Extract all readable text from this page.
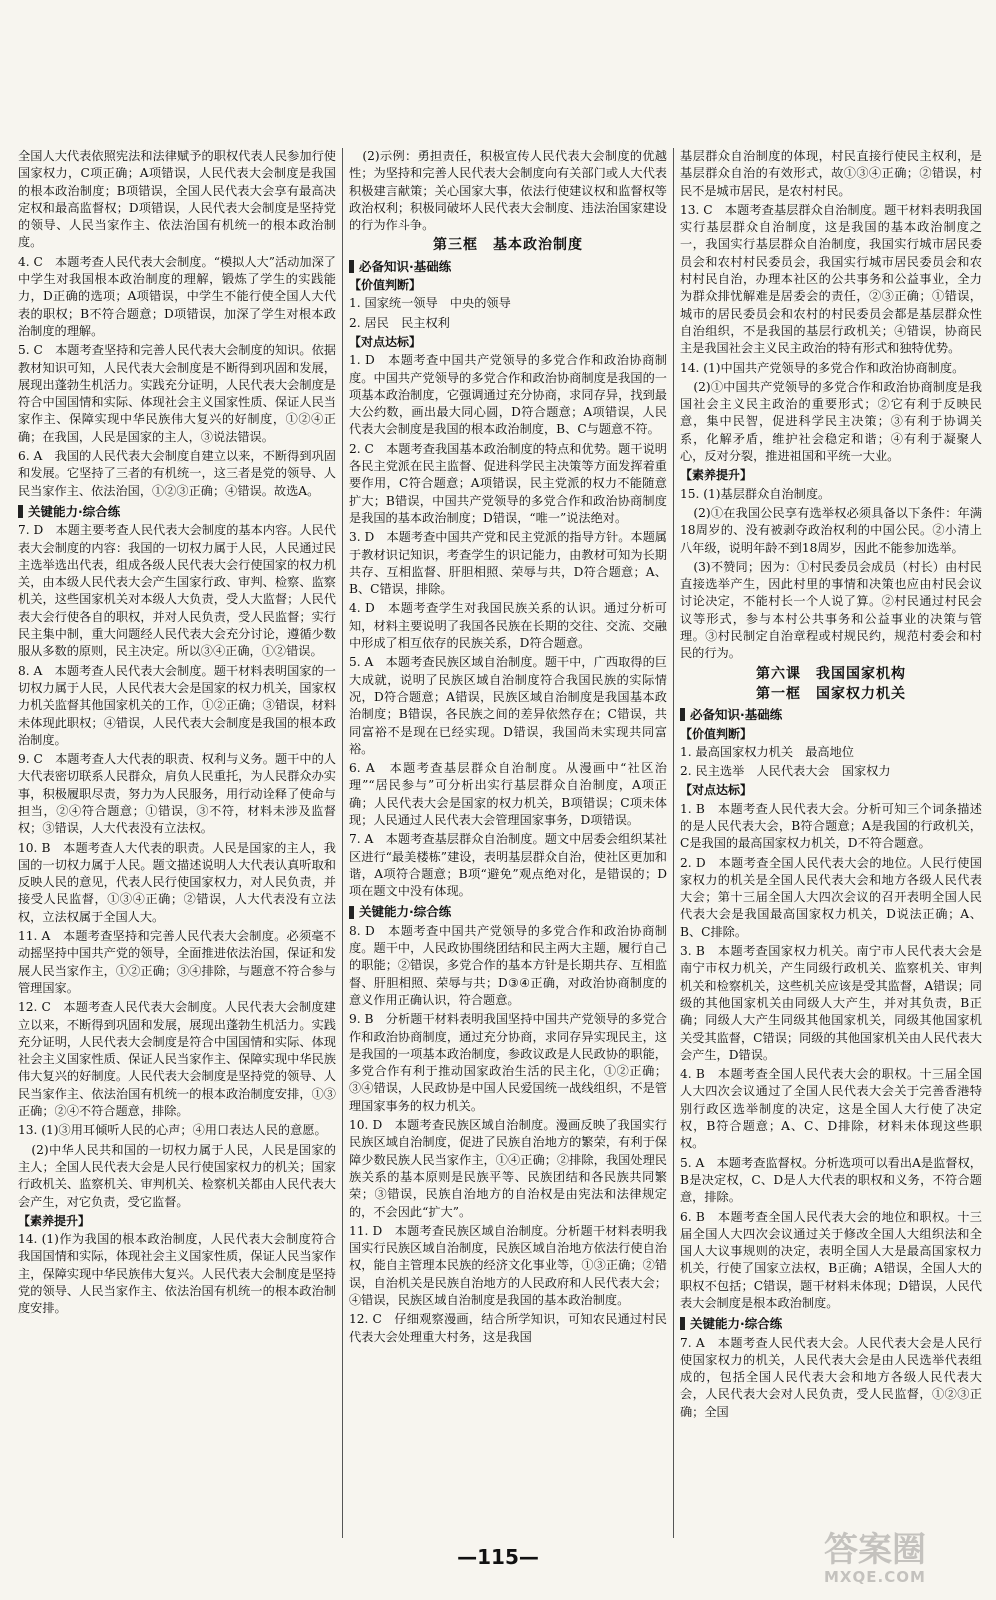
全国人大代表依照宪法和法律赋予的职权代表人民参加行使国家权力，C项正确；A项错误，人民代表大会制度是我国的根本政治制度；B项错误，全国人民代表大会享有最高决定权和最高监督权；D项错误，人民代表大会制度是坚持党的领导、人民当家作主、依法治国有机统一的根本政治制度。

4. C　本题考查人民代表大会制度。“模拟人大”活动加深了中学生对我国根本政治制度的理解，锻炼了学生的实践能力，D正确的选项；A项错误，中学生不能行使全国人大代表的职权；B不符合题意；D项错误，加深了学生对根本政治制度的理解。

5. C　本题考查坚持和完善人民代表大会制度的知识。依据教材知识可知，人民代表大会制度是不断得到巩固和发展，展现出蓬勃生机活力。实践充分证明，人民代表大会制度是符合中国国情和实际、体现社会主义国家性质、保证人民当家作主、保障实现中华民族伟大复兴的好制度，①②④正确；在我国，人民是国家的主人，③说法错误。

6. A　我国的人民代表大会制度自建立以来，不断得到巩固和发展。它坚持了三者的有机统一，这三者是党的领导、人民当家作主、依法治国，①②③正确；④错误。故选A。

关键能力·综合练

7. D　本题主要考查人民代表大会制度的基本内容。人民代表大会制度的内容：我国的一切权力属于人民，人民通过民主选举选出代表，组成各级人民代表大会行使国家的权力机关，由本级人民代表大会产生国家行政、审判、检察、监察机关，这些国家机关对本级人大负责，受人大监督；人民代表大会行使各自的职权，并对人民负责，受人民监督；实行民主集中制，重大问题经人民代表大会充分讨论，遵循少数服从多数的原则，民主决定。所以③④正确，①②错误。

8. A　本题考查人民代表大会制度。题干材料表明国家的一切权力属于人民，人民代表大会是国家的权力机关，国家权力机关监督其他国家机关的工作，①②正确；③错误，材料未体现此职权；④错误，人民代表大会制度是我国的根本政治制度。

9. C　本题考查人大代表的职责、权利与义务。题干中的人大代表密切联系人民群众，肩负人民重托，为人民群众办实事，积极履职尽责，努力为人民服务，用行动诠释了使命与担当，②④符合题意；①错误，③不符，材料未涉及监督权；③错误，人大代表没有立法权。

10. B　本题考查人大代表的职责。人民是国家的主人，我国的一切权力属于人民。题文描述说明人大代表认真听取和反映人民的意见，代表人民行使国家权力，对人民负责，并接受人民监督，①③④正确；②错误，人大代表没有立法权，立法权属于全国人大。

11. A　本题考查坚持和完善人民代表大会制度。必须毫不动摇坚持中国共产党的领导，全面推进依法治国，保证和发展人民当家作主，①②正确；③④排除，与题意不符合参与管理国家。

12. C　本题考查人民代表大会制度。人民代表大会制度建立以来，不断得到巩固和发展，展现出蓬勃生机活力。实践充分证明，人民代表大会制度是符合中国国情和实际、体现社会主义国家性质、保证人民当家作主、保障实现中华民族伟大复兴的好制度。人民代表大会制度是坚持党的领导、人民当家作主、依法治国有机统一的根本政治制度安排，①③正确；②④不符合题意，排除。

13. (1)③用耳倾听人民的心声；④用口表达人民的意愿。

(2)中华人民共和国的一切权力属于人民，人民是国家的主人；全国人民代表大会是人民行使国家权力的机关；国家行政机关、监察机关、审判机关、检察机关都由人民代表大会产生，对它负责，受它监督。

【素养提升】

14. (1)作为我国的根本政治制度，人民代表大会制度符合我国国情和实际，体现社会主义国家性质，保证人民当家作主，保障实现中华民族伟大复兴。人民代表大会制度是坚持党的领导、人民当家作主、依法治国有机统一的根本政治制度安排。

(2)示例：勇担责任，积极宣传人民代表大会制度的优越性；为坚持和完善人民代表大会制度向有关部门或人大代表积极建言献策；关心国家大事，依法行使建议权和监督权等政治权利；积极同破坏人民代表大会制度、违法治国家建设的行为作斗争。

第三框　基本政治制度
必备知识·基础练
【价值判断】

1. 国家统一领导　中央的领导

2. 居民　民主权利

【对点达标】

1. D　本题考查中国共产党领导的多党合作和政治协商制度。中国共产党领导的多党合作和政治协商制度是我国的一项基本政治制度，它强调通过充分协商，求同存异，找到最大公约数，画出最大同心圆，D符合题意；A项错误，人民代表大会制度是我国的根本政治制度，B、C与题意不符。

2. C　本题考查我国基本政治制度的特点和优势。题干说明各民主党派在民主监督、促进科学民主决策等方面发挥着重要作用，C符合题意；A项错误，民主党派的权力不能随意扩大；B错误，中国共产党领导的多党合作和政治协商制度是我国的基本政治制度；D错误，“唯一”说法绝对。

3. D　本题考查中国共产党和民主党派的指导方针。本题属于教材识记知识，考查学生的识记能力，由教材可知为长期共存、互相监督、肝胆相照、荣辱与共，D符合题意；A、B、C错误，排除。

4. D　本题考查学生对我国民族关系的认识。通过分析可知，材料主要说明了我国各民族在长期的交往、交流、交融中形成了相互依存的民族关系，D符合题意。

5. A　本题考查民族区域自治制度。题干中，广西取得的巨大成就，说明了民族区域自治制度符合我国民族的实际情况，D符合题意；A错误，民族区域自治制度是我国基本政治制度；B错误，各民族之间的差异依然存在；C错误，共同富裕不是现在已经实现。D错误，我国尚未实现共同富裕。

6. A　本题考查基层群众自治制度。从漫画中“社区治理”“居民参与”可分析出实行基层群众自治制度，A项正确；人民代表大会是国家的权力机关，B项错误；C项未体现；人民通过人民代表大会管理国家事务，D项错误。

7. A　本题考查基层群众自治制度。题文中居委会组织某社区进行“最美楼栋”建设，表明基层群众自治，使社区更加和谐，A项符合题意；B项“避免”观点绝对化，是错误的；D项在题文中没有体现。

关键能力·综合练

8. D　本题考查中国共产党领导的多党合作和政治协商制度。题干中，人民政协围绕团结和民主两大主题，履行自己的职能；②错误，多党合作的基本方针是长期共存、互相监督、肝胆相照、荣辱与共；D③④正确，对政治协商制度的意义作用正确认识，符合题意。

9. B　分析题干材料表明我国坚持中国共产党领导的多党合作和政治协商制度，通过充分协商，求同存异实现民主，这是我国的一项基本政治制度，参政议政是人民政协的职能，多党合作有利于推动国家政治生活的民主化，①②正确；③④错误，人民政协是中国人民爱国统一战线组织，不是管理国家事务的权力机关。

10. D　本题考查民族区域自治制度。漫画反映了我国实行民族区域自治制度，促进了民族自治地方的繁荣，有利于保障少数民族人民当家作主，①④正确；②排除，我国处理民族关系的基本原则是民族平等、民族团结和各民族共同繁荣；③错误，民族自治地方的自治权是由宪法和法律规定的，不会因此“扩大”。

11. D　本题考查民族区域自治制度。分析题干材料表明我国实行民族区域自治制度，民族区域自治地方依法行使自治权，能自主管理本民族的经济文化事业等，①③正确；②错误，自治机关是民族自治地方的人民政府和人民代表大会；④错误，民族区域自治制度是我国的基本政治制度。

12. C　仔细观察漫画，结合所学知识，可知农民通过村民代表大会处理重大村务，这是我国

基层群众自治制度的体现，村民直接行使民主权利，是基层群众自治的有效形式，故①③④正确；②错误，村民不是城市居民，是农村村民。

13. C　本题考查基层群众自治制度。题干材料表明我国实行基层群众自治制度，这是我国的基本政治制度之一，我国实行基层群众自治制度，我国实行城市居民委员会和农村村民委员会，我国实行城市居民委员会和农村村民自治，办理本社区的公共事务和公益事业，全力为群众排忧解难是居委会的责任，②③正确；①错误，城市的居民委员会和农村的村民委员会都是基层群众性自治组织，不是我国的基层行政机关；④错误，协商民主是我国社会主义民主政治的特有形式和独特优势。

14. (1)中国共产党领导的多党合作和政治协商制度。

(2)①中国共产党领导的多党合作和政治协商制度是我国社会主义民主政治的重要形式；②它有利于反映民意，集中民智，促进科学民主决策；③有利于协调关系，化解矛盾，维护社会稳定和谐；④有利于凝聚人心，反对分裂，推进祖国和平统一大业。

【素养提升】

15. (1)基层群众自治制度。

(2)①在我国公民享有选举权必须具备以下条件：年满18周岁的、没有被剥夺政治权利的中国公民。②小清上八年级，说明年龄不到18周岁，因此不能参加选举。

(3)不赞同；因为：①村民委员会成员（村长）由村民直接选举产生，因此村里的事情和决策也应由村民会议讨论决定，不能村长一个人说了算。②村民通过村民会议等形式，参与本村公共事务和公益事业的决策与管理。③村民制定自治章程或村规民约，规范村委会和村民的行为。

第六课　我国国家机构
第一框　国家权力机关
必备知识·基础练
【价值判断】

1. 最高国家权力机关　最高地位

2. 民主选举　人民代表大会　国家权力

【对点达标】

1. B　本题考查人民代表大会。分析可知三个词条描述的是人民代表大会，B符合题意；A是我国的行政机关，C是我国的最高国家权力机关，D不符合题意。

2. D　本题考查全国人民代表大会的地位。人民行使国家权力的机关是全国人民代表大会和地方各级人民代表大会；第十三届全国人大四次会议的召开表明全国人民代表大会是我国最高国家权力机关，D说法正确；A、B、C排除。

3. B　本题考查国家权力机关。南宁市人民代表大会是南宁市权力机关，产生同级行政机关、监察机关、审判机关和检察机关，这些机关应该是受其监督，A错误；同级的其他国家机关由同级人大产生，并对其负责，B正确；同级人大产生同级其他国家机关，同级其他国家机关受其监督，C错误；同级的其他国家机关由人民代表大会产生，D错误。

4. B　本题考查全国人民代表大会的职权。十三届全国人大四次会议通过了全国人民代表大会关于完善香港特别行政区选举制度的决定，这是全国人大行使了决定权，B符合题意；A、C、D排除，材料未体现这些职权。

5. A　本题考查监督权。分析选项可以看出A是监督权，B是决定权，C、D是人大代表的职权和义务，不符合题意，排除。

6. B　本题考查全国人民代表大会的地位和职权。十三届全国人大四次会议通过关于修改全国人大组织法和全国人大议事规则的决定，表明全国人大是最高国家权力机关，行使了国家立法权，B正确；A错误，全国人大的职权不包括；C错误，题干材料未体现；D错误，人民代表大会制度是根本政治制度。

关键能力·综合练

7. A　本题考查人民代表大会。人民代表大会是人民行使国家权力的机关，人民代表大会是由人民选举代表组成的，包括全国人民代表大会和地方各级人民代表大会，人民代表大会对人民负责，受人民监督，①②③正确；全国

—115—	答案圈
MXQE.COM
